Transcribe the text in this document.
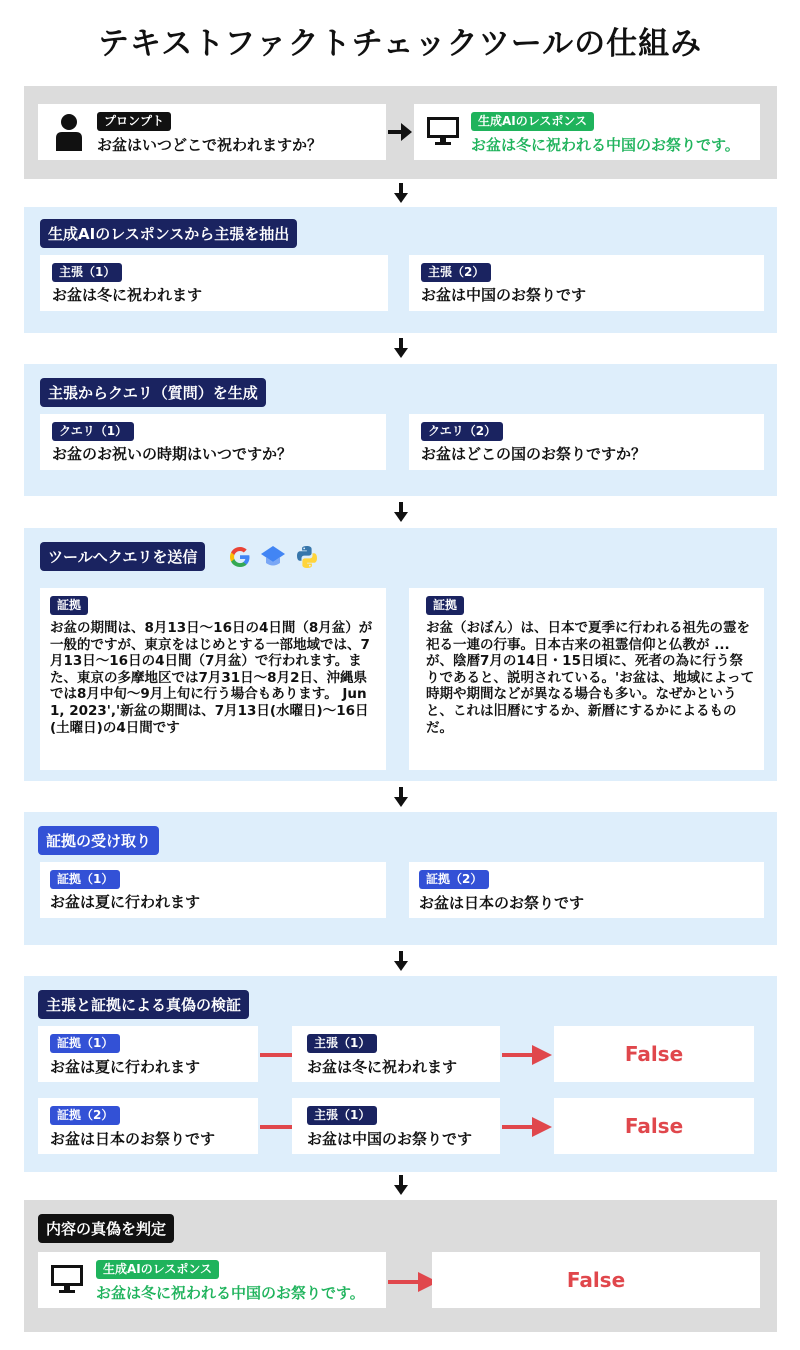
テキストファクトチェックツールの仕組み
プロンプト
お盆はいつどこで祝われますか？
生成AIのレスポンス
お盆は冬に祝われる中国のお祭りです。
生成AIのレスポンスから主張を抽出
主張（1）
お盆は冬に祝われます
主張（2）
お盆は中国のお祭りです
主張からクエリ（質問）を生成
クエリ（1）
お盆のお祝いの時期はいつですか？
クエリ（2）
お盆はどこの国のお祭りですか？
ツールへクエリを送信
証拠
お盆の期間は、8月13日～16日の4日間（8月盆）が一般的ですが、東京をはじめとする一部地域では、7月13日～16日の4日間（7月盆）で行われます。また、東京の多摩地区では7月31日～8月2日、沖縄県では8月中旬～9月上旬に行う場合もあります。 Jun 1, 2023','新盆の期間は、7月13日(水曜日)～16日(土曜日)の4日間です
証拠
お盆（おぼん）は、日本で夏季に行われる祖先の霊を祀る一連の行事。日本古来の祖霊信仰と仏教が ... が、陰暦7月の14日・15日頃に、死者の為に行う祭りであると、説明されている。'お盆は、地域によって時期や期間などが異なる場合も多い。なぜかというと、これは旧暦にするか、新暦にするかによるものだ。
証拠の受け取り
証拠（1）
お盆は夏に行われます
証拠（2）
お盆は日本のお祭りです
主張と証拠による真偽の検証
証拠（1）
お盆は夏に行われます
主張（1）
お盆は冬に祝われます
False
証拠（2）
お盆は日本のお祭りです
主張（1）
お盆は中国のお祭りです
False
内容の真偽を判定
生成AIのレスポンス
お盆は冬に祝われる中国のお祭りです。
False
